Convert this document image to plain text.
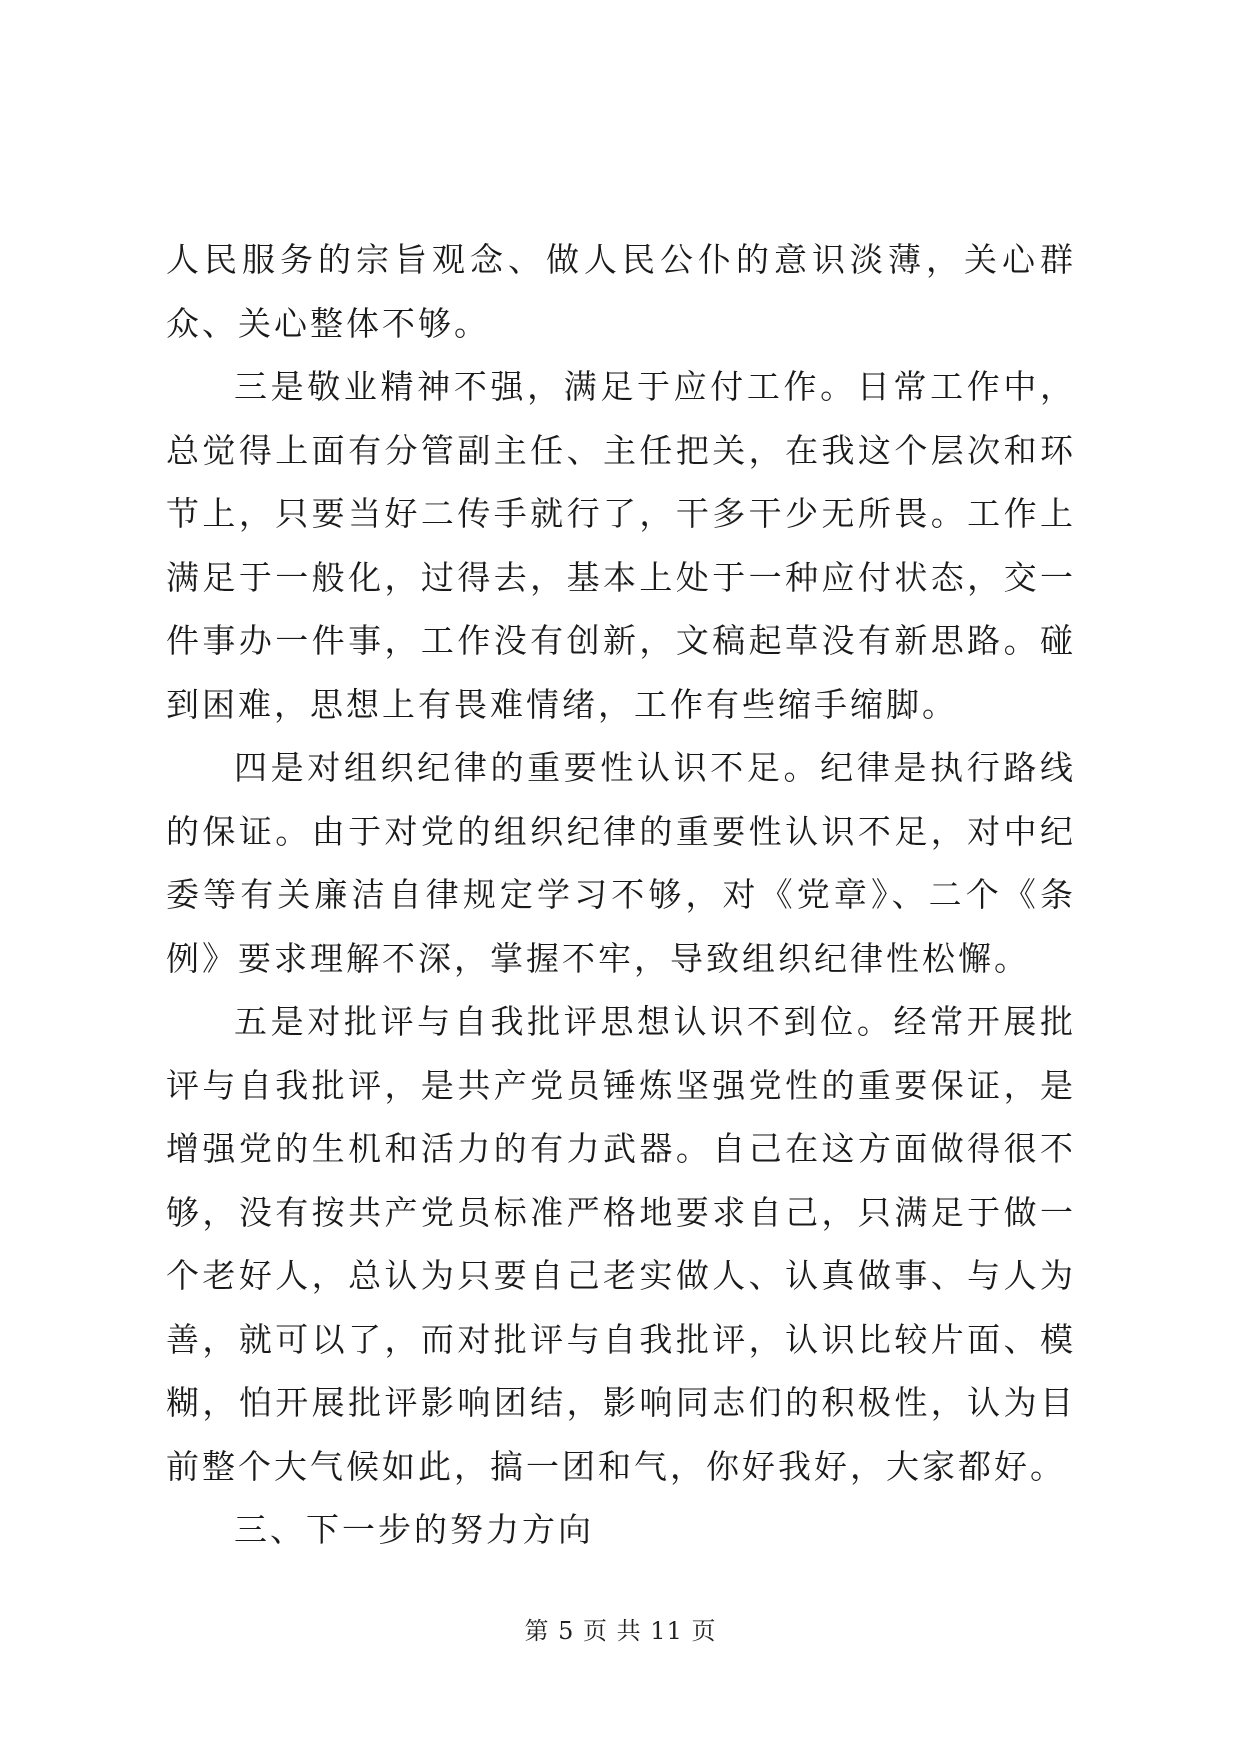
人民服务的宗旨观念、做人民公仆的意识淡薄，关心群众、关心整体不够。

三是敬业精神不强，满足于应付工作。日常工作中，总觉得上面有分管副主任、主任把关，在我这个层次和环节上，只要当好二传手就行了，干多干少无所畏。工作上满足于一般化，过得去，基本上处于一种应付状态，交一件事办一件事，工作没有创新，文稿起草没有新思路。碰到困难，思想上有畏难情绪，工作有些缩手缩脚。

四是对组织纪律的重要性认识不足。纪律是执行路线的保证。由于对党的组织纪律的重要性认识不足，对中纪委等有关廉洁自律规定学习不够，对《党章》、二个《条例》要求理解不深，掌握不牢，导致组织纪律性松懈。

五是对批评与自我批评思想认识不到位。经常开展批评与自我批评，是共产党员锤炼坚强党性的重要保证，是增强党的生机和活力的有力武器。自己在这方面做得很不够，没有按共产党员标准严格地要求自己，只满足于做一个老好人，总认为只要自己老实做人、认真做事、与人为善，就可以了，而对批评与自我批评，认识比较片面、模糊，怕开展批评影响团结，影响同志们的积极性，认为目前整个大气候如此，搞一团和气，你好我好，大家都好。

三、下一步的努力方向

第 5 页 共 11 页
